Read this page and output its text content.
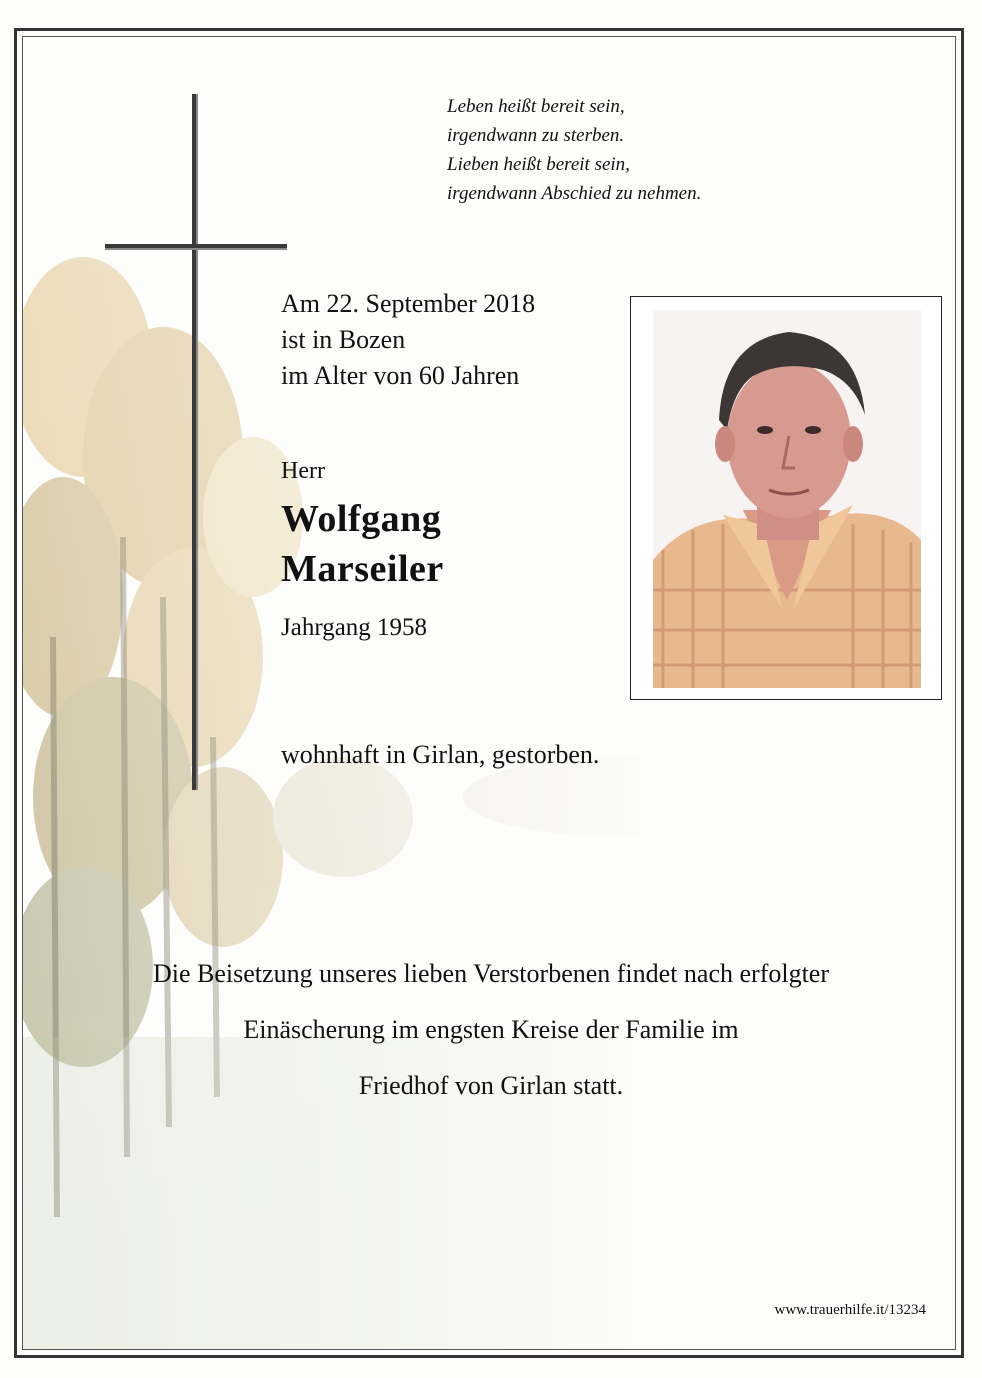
Leben heißt bereit sein,
irgendwann zu sterben.
Lieben heißt bereit sein,
irgendwann Abschied zu nehmen.
Am 22. September 2018
ist in Bozen
im Alter von 60 Jahren
Herr
Wolfgang
Marseiler
Jahrgang 1958
wohnhaft in Girlan, gestorben.
Die Beisetzung unseres lieben Verstorbenen findet nach erfolgter
Einäscherung im engsten Kreise der Familie im
Friedhof von Girlan statt.
www.trauerhilfe.it/13234
